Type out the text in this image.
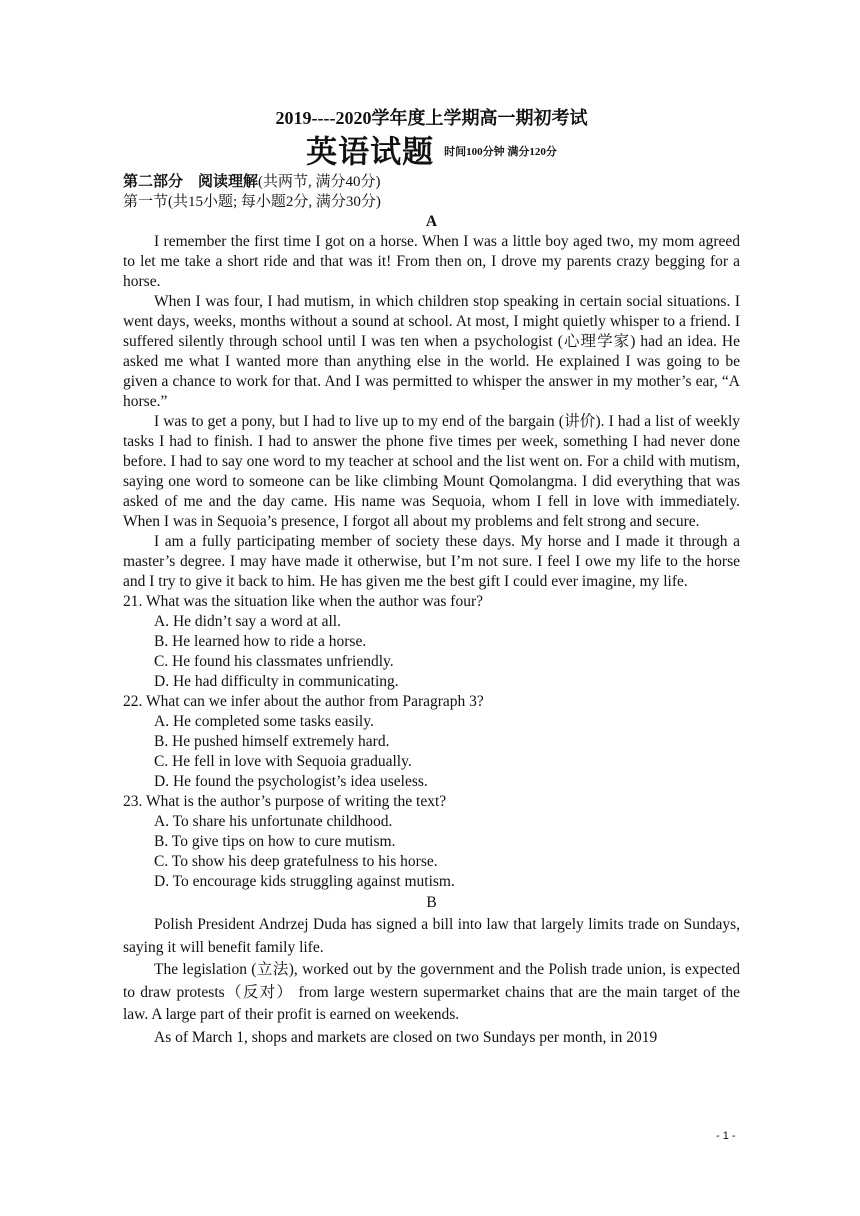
2019----2020学年度上学期高一期初考试

英语试题 时间100分钟 满分120分

第二部分　阅读理解(共两节, 满分40分)

第一节(共15小题; 每小题2分, 满分30分)

A

I remember the first time I got on a horse. When I was a little boy aged two, my mom agreed to let me take a short ride and that was it! From then on, I drove my parents crazy begging for a horse.

When I was four, I had mutism, in which children stop speaking in certain social situations. I went days, weeks, months without a sound at school. At most, I might quietly whisper to a friend. I suffered silently through school until I was ten when a psychologist (心理学家) had an idea. He asked me what I wanted more than anything else in the world. He explained I was going to be given a chance to work for that. And I was permitted to whisper the answer in my mother’s ear, “A horse.”

I was to get a pony, but I had to live up to my end of the bargain (讲价). I had a list of weekly tasks I had to finish. I had to answer the phone five times per week, something I had never done before. I had to say one word to my teacher at school and the list went on. For a child with mutism, saying one word to someone can be like climbing Mount Qomolangma. I did everything that was asked of me and the day came. His name was Sequoia, whom I fell in love with immediately. When I was in Sequoia’s presence, I forgot all about my problems and felt strong and secure.

I am a fully participating member of society these days. My horse and I made it through a master’s degree. I may have made it otherwise, but I’m not sure. I feel I owe my life to the horse and I try to give it back to him. He has given me the best gift I could ever imagine, my life.

21. What was the situation like when the author was four?

A. He didn’t say a word at all.

B. He learned how to ride a horse.

C. He found his classmates unfriendly.

D. He had difficulty in communicating.

22. What can we infer about the author from Paragraph 3?

A. He completed some tasks easily.

B. He pushed himself extremely hard.

C. He fell in love with Sequoia gradually.

D. He found the psychologist’s idea useless.

23. What is the author’s purpose of writing the text?

A. To share his unfortunate childhood.

B. To give tips on how to cure mutism.

C. To show his deep gratefulness to his horse.

D. To encourage kids struggling against mutism.

B

Polish President Andrzej Duda has signed a bill into law that largely limits trade on Sundays, saying it will benefit family life.

The legislation (立法), worked out by the government and the Polish trade union, is expected to draw protests（反对） from large western supermarket chains that are the main target of the law. A large part of their profit is earned on weekends.

As of March 1, shops and markets are closed on two Sundays per month, in 2019

- 1 -
